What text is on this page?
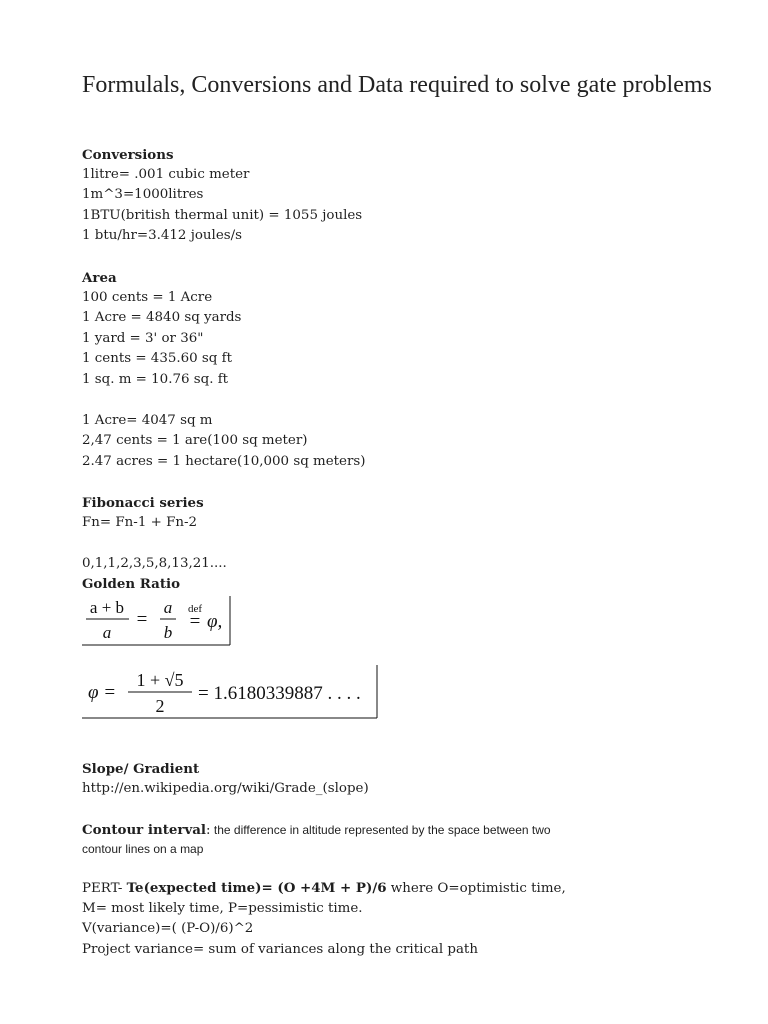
Formulals, Conversions and Data required to solve gate problems
Conversions
1litre= .001 cubic meter
1m^3=1000litres
1BTU(british thermal unit) = 1055 joules
1 btu/hr=3.412 joules/s
Area
100 cents = 1 Acre
1 Acre = 4840 sq yards
1 yard = 3' or 36"
1 cents = 435.60 sq ft
1 sq. m = 10.76 sq. ft
1 Acre= 4047 sq m
2,47 cents = 1 are(100 sq meter)
2.47 acres = 1 hectare(10,000 sq meters)
Fibonacci series
Fn= Fn-1 + Fn-2
0,1,1,2,3,5,8,13,21....
Golden Ratio
a + b
a
=
a
b
def
= φ,
φ =
1 + √5
2
= 1.6180339887 . . . .
Slope/ Gradient
http://en.wikipedia.org/wiki/Grade_(slope)
Contour interval: the difference in altitude represented by the space between two
contour lines on a map
PERT- Te(expected time)= (O +4M + P)/6 where O=optimistic time,
M= most likely time, P=pessimistic time.
V(variance)=( (P-O)/6)^2
Project variance= sum of variances along the critical path
